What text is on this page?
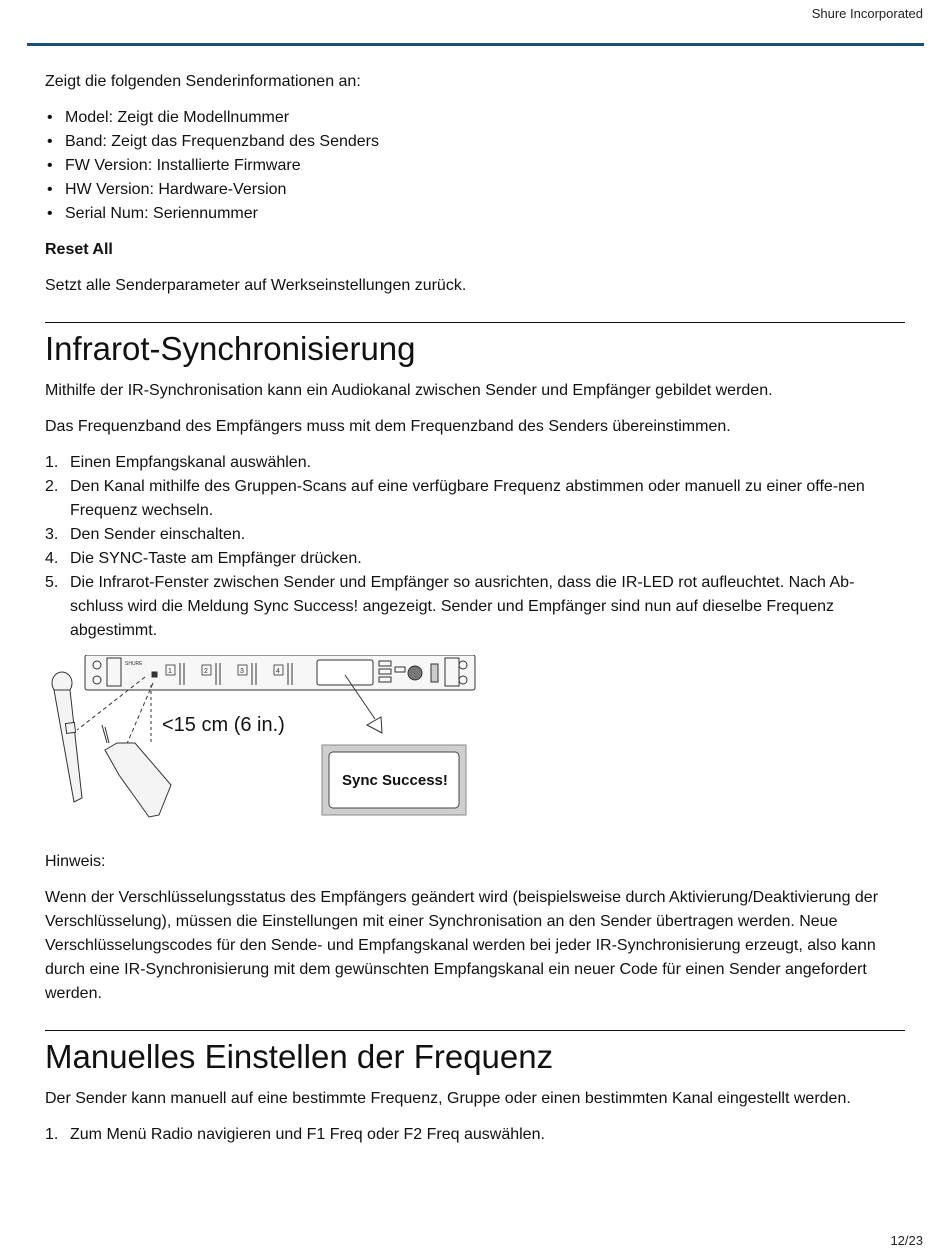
Shure Incorporated

Zeigt die folgenden Senderinformationen an:

• Model: Zeigt die Modellnummer
• Band: Zeigt das Frequenzband des Senders
• FW Version: Installierte Firmware
• HW Version: Hardware-Version
• Serial Num: Seriennummer
Reset All

Setzt alle Senderparameter auf Werkseinstellungen zurück.

Infrarot-Synchronisierung

Mithilfe der IR-Synchronisation kann ein Audiokanal zwischen Sender und Empfänger gebildet werden.

Das Frequenzband des Empfängers muss mit dem Frequenzband des Senders übereinstimmen.

1. Einen Empfangskanal auswählen.
2. Den Kanal mithilfe des Gruppen-Scans auf eine verfügbare Frequenz abstimmen oder manuell zu einer offe-nen Frequenz wechseln.
3. Den Sender einschalten.
4. Die SYNC-Taste am Empfänger drücken.
5. Die Infrarot-Fenster zwischen Sender und Empfänger so ausrichten, dass die IR-LED rot aufleuchtet. Nach Ab-schluss wird die Meldung Sync Success! angezeigt. Sender und Empfänger sind nun auf dieselbe Frequenz abgestimmt.
SHURE
1	2	3	4
<15 cm (6 in.)
Sync Success!

Hinweis:

Wenn der Verschlüsselungsstatus des Empfängers geändert wird (beispielsweise durch Aktivierung/Deaktivierung der Verschlüsselung), müssen die Einstellungen mit einer Synchronisation an den Sender übertragen werden. Neue Verschlüsselungscodes für den Sende- und Empfangskanal werden bei jeder IR-Synchronisierung erzeugt, also kann durch eine IR-Synchronisierung mit dem gewünschten Empfangskanal ein neuer Code für einen Sender angefordert werden.

Manuelles Einstellen der Frequenz

Der Sender kann manuell auf eine bestimmte Frequenz, Gruppe oder einen bestimmten Kanal eingestellt werden.

1. Zum Menü Radio navigieren und F1 Freq oder F2 Freq auswählen.
12/23
